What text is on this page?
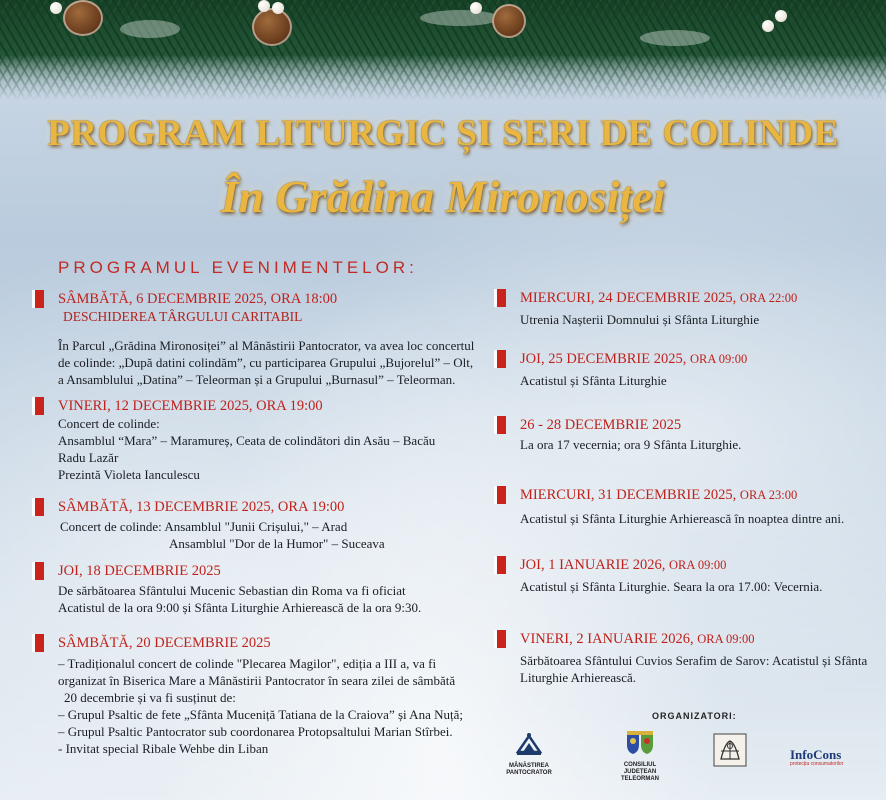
PROGRAM LITURGIC ȘI SERI DE COLINDE
În Grădina Mironosiței
PROGRAMUL EVENIMENTELOR:
SÂMBĂTĂ, 6 DECEMBRIE 2025, ORA 18:00
DESCHIDEREA TÂRGULUI CARITABIL
În Parcul „Grădina Mironosiței” al Mânăstirii Pantocrator, va avea loc concertul
de colinde: „După datini colindăm”, cu participarea Grupului „Bujorelul” – Olt,
a Ansamblului „Datina” – Teleorman și a Grupului „Burnasul” – Teleorman.
VINERI, 12 DECEMBRIE 2025, ORA 19:00
Concert de colinde:
Ansamblul “Mara” – Maramureș, Ceata de colindători din Asău – Bacău
Radu Lazăr
Prezintă Violeta Ianculescu
SÂMBĂTĂ, 13 DECEMBRIE 2025, ORA 19:00
Concert de colinde: Ansamblul "Junii Crișului," – Arad
Ansamblul "Dor de la Humor" – Suceava
JOI, 18 DECEMBRIE 2025
De sărbătoarea Sfântului Mucenic Sebastian din Roma va fi oficiat
Acatistul de la ora 9:00 și Sfânta Liturghie Arhierească de la ora 9:30.
SÂMBĂTĂ, 20 DECEMBRIE 2025
– Tradiționalul concert de colinde "Plecarea Magilor", ediția a III a, va fi
organizat în Biserica Mare a Mânăstirii Pantocrator în seara zilei de sâmbătă
20 decembrie și va fi susținut de:
– Grupul Psaltic de fete „Sfânta Muceniță Tatiana de la Craiova” și Ana Nuță;
– Grupul Psaltic Pantocrator sub coordonarea Protopsaltului Marian Stîrbei.
- Invitat special Ribale Wehbe din Liban
MIERCURI, 24 DECEMBRIE 2025, ORA 22:00
Utrenia Nașterii Domnului și Sfânta Liturghie
JOI, 25 DECEMBRIE 2025, ORA 09:00
Acatistul și Sfânta Liturghie
26 - 28 DECEMBRIE 2025
La ora 17 vecernia; ora 9 Sfânta Liturghie.
MIERCURI, 31 DECEMBRIE 2025, ORA 23:00
Acatistul și Sfânta Liturghie Arhierească în noaptea dintre ani.
JOI, 1 IANUARIE 2026, ORA 09:00
Acatistul și Sfânta Liturghie. Seara la ora 17.00: Vecernia.
VINERI, 2 IANUARIE 2026, ORA 09:00
Sărbătoarea Sfântului Cuvios Serafim de Sarov: Acatistul și Sfânta
Liturghie Arhierească.
ORGANIZATORI:
MÂNĂSTIREA PANTOCRATOR
CONSILIUL JUDEȚEAN TELEORMAN
InfoCons
protecția consumatorilor
